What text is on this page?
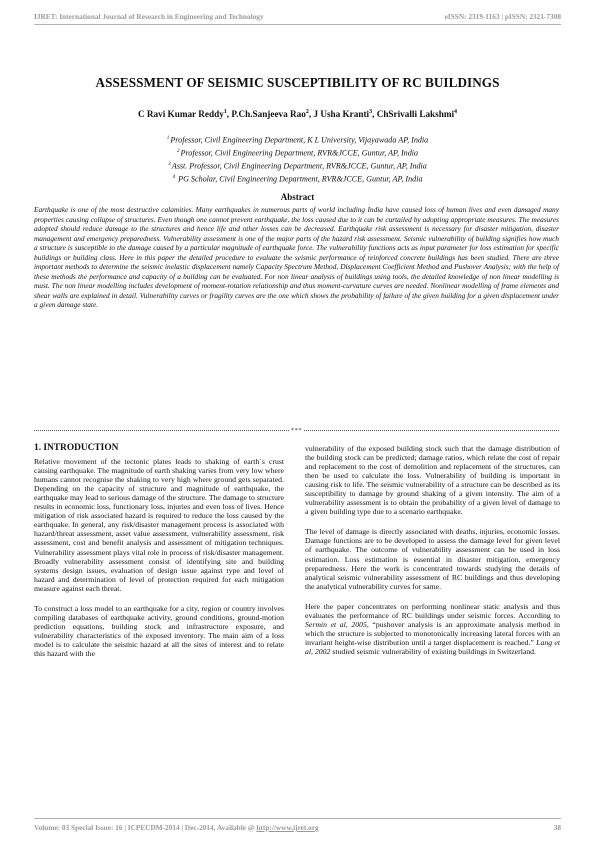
IJRET: International Journal of Research in Engineering and Technology	eISSN: 2319-1163 | pISSN: 2321-7308
ASSESSMENT OF SEISMIC SUSCEPTIBILITY OF RC BUILDINGS
C Ravi Kumar Reddy$^1$, P.Ch.Sanjeeva Rao$^2$, J Usha Kranti$^3$, ChSrivalli Lakshmi$^4$
$^1$Professor, Civil Engineering Department, K L University, Vijayawada AP, India
$^2$Professor, Civil Engineering Department, RVR&JCCE, Guntur, AP, India
$^3$Asst. Professor, Civil Engineering Department, RVR&JCCE, Guntur, AP, India
$^4$ PG Scholar, Civil Engineering Department, RVR&JCCE, Guntur, AP, India
Abstract
Earthquake is one of the most destructive calamities. Many earthquakes in numerous parts of world including India have caused loss of human lives and even damaged many properties causing collapse of structures. Even though one cannot prevent earthquake, the loss caused due to it can be curtailed by adopting appropriate measures. The measures adopted should reduce damage to the structures and hence life and other losses can be decreased. Earthquake risk assessment is necessary for disaster mitigation, disaster management and emergency preparedness. Vulnerability assessment is one of the major parts of the hazard risk assessment. Seismic vulnerability of building signifies how much a structure is susceptible to the damage caused by a particular magnitude of earthquake force. The vulnerability functions acts as input parameter for loss estimation for specific buildings or building class. Here in this paper the detailed procedure to evaluate the seismic performance of reinforced concrete buildings has been studied. There are three important methods to determine the seismic inelastic displacement namely Capacity Spectrum Method, Displacement Coefficient Method and Pushover Analysis; with the help of these methods the performance and capacity of a building can be evaluated. For non linear analysis of buildings using tools, the detailed knowledge of non linear modelling is must. The non linear modelling includes development of moment-rotation relationship and thus moment-curvature curves are needed. Nonlinear modelling of frame elements and shear walls are explained in detail. Vulnerability curves or fragility curves are the one which shows the probability of failure of the given building for a given displacement under a given damage state.
***
1. INTRODUCTION

Relative movement of the tectonic plates leads to shaking of earth`s crust causing earthquake. The magnitude of earth shaking varies from very low where humans cannot recognise the shaking to very high where ground gets separated. Depending on the capacity of structure and magnitude of earthquake, the earthquake may lead to serious damage of the structure. The damage to structure results in economic loss, functionary loss, injuries and even loss of lives. Hence mitigation of risk associated hazard is required to reduce the loss caused by the earthquake. In general, any risk/disaster management process is associated with hazard/threat assessment, asset value assessment, vulnerability assessment, risk assessment, cost and benefit analysis and assessment of mitigation techniques. Vulnerability assessment plays vital role in process of risk/disaster management. Broadly vulnerability assessment consist of identifying site and building systems design issues, evaluation of design issue against type and level of hazard and determination of level of protection required for each mitigation measure against each threat.

To construct a loss model to an earthquake for a city, region or country involves compiling databases of earthquake activity, ground conditions, ground-motion prediction equations, building stock and infrastructure exposure, and vulnerability characteristics of the exposed inventory. The main aim of a loss model is to calculate the seismic hazard at all the sites of interest and to relate this hazard with the

vulnerability of the exposed building stock such that the damage distribution of the building stock can be predicted; damage ratios, which relate the cost of repair and replacement to the cost of demolition and replacement of the structures, can then be used to calculate the loss. Vulnerability of building is important in causing risk to life. The seismic vulnerability of a structure can be described as its susceptibility to damage by ground shaking of a given intensity. The aim of a vulnerability assessment is to obtain the probability of a given level of damage to a given building type due to a scenario earthquake.

The level of damage is directly associated with deaths, injuries, economic losses. Damage functions are to be developed to assess the damage level for given level of earthquake. The outcome of vulnerability assessment can be used in loss estimation. Loss estimation is essential in disaster mitigation, emergency preparedness. Here the work is concentrated towards studying the details of analytical seismic vulnerability assessment of RC buildings and thus developing the analytical vulnerability curves for same.

Here the paper concentrates on performing nonlinear static analysis and thus evaluates the performance of RC buildings under seismic forces. According to Sermin et al, 2005, “pushover analysis is an approximate analysis method in which the structure is subjected to monotonically increasing lateral forces with an invariant height-wise distribution until a target displacement is reached.” Lang et al, 2002 studied seismic vulnerability of existing buildings in Switzerland.

Volume: 03 Special Issue: 16 | ICPECDM-2014 | Dec-2014, Available @ http://www.ijret.org	38
